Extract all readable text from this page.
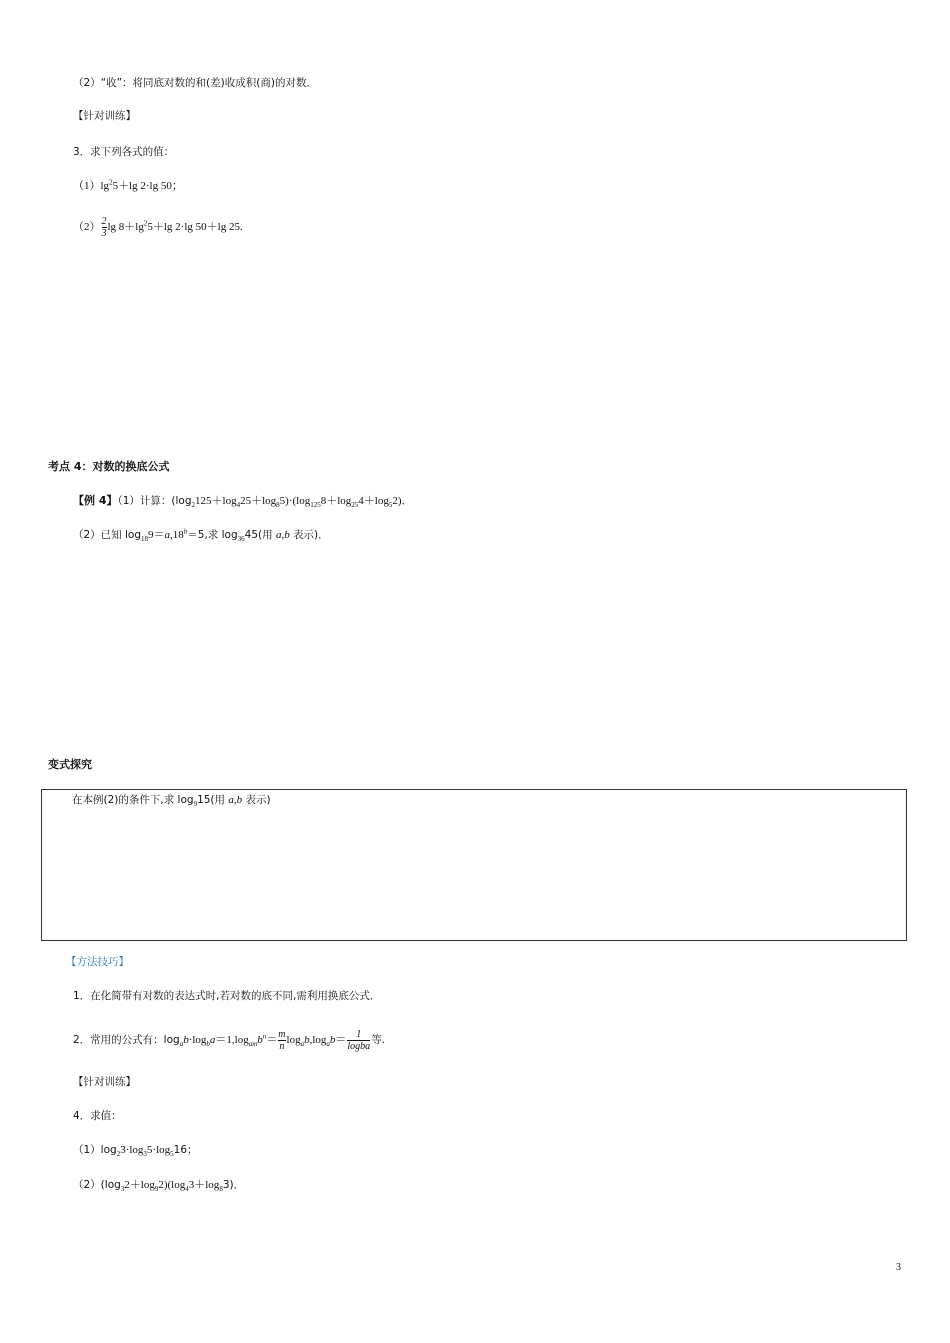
（2）“收”：将同底对数的和(差)收成积(商)的对数．
【针对训练】
3．求下列各式的值：
$(1)\lg^25+\lg$ 2·lg 50；
$(2) \frac{2}{3}$ $\lg 8+\lg^25+\lg$ 2·lg 50＋lg 25.
考点 4：对数的换底公式
【例 4】（1）计算：$(\log_2125+\log_425+\log_85)\cdot(\log_{125}8+\log_{25}4+\log_52)$．
（2）已知 $\log_{18}9=a,18^b=5$,求 $\log_{36}45$(用 a,b 表示)．
变式探究
在本例(2)的条件下,求 $\log_915$(用 a,b 表示)
【方法技巧】
1．在化简带有对数的表达式时,若对数的底不同,需利用换底公式．
2．常用的公式有：$\log_ab\cdot\log_ba=1,\log_{am}b^n= \frac{m}{n} \log_ab,\log_ab= \frac{1}{\text{logba}}$ 等.
【针对训练】
4．求值：
$(1)\log_23\cdot\log_35\cdot\log_516$；
$(2)(\log_32+\log_92)(\log_43+\log_83)$．
3
